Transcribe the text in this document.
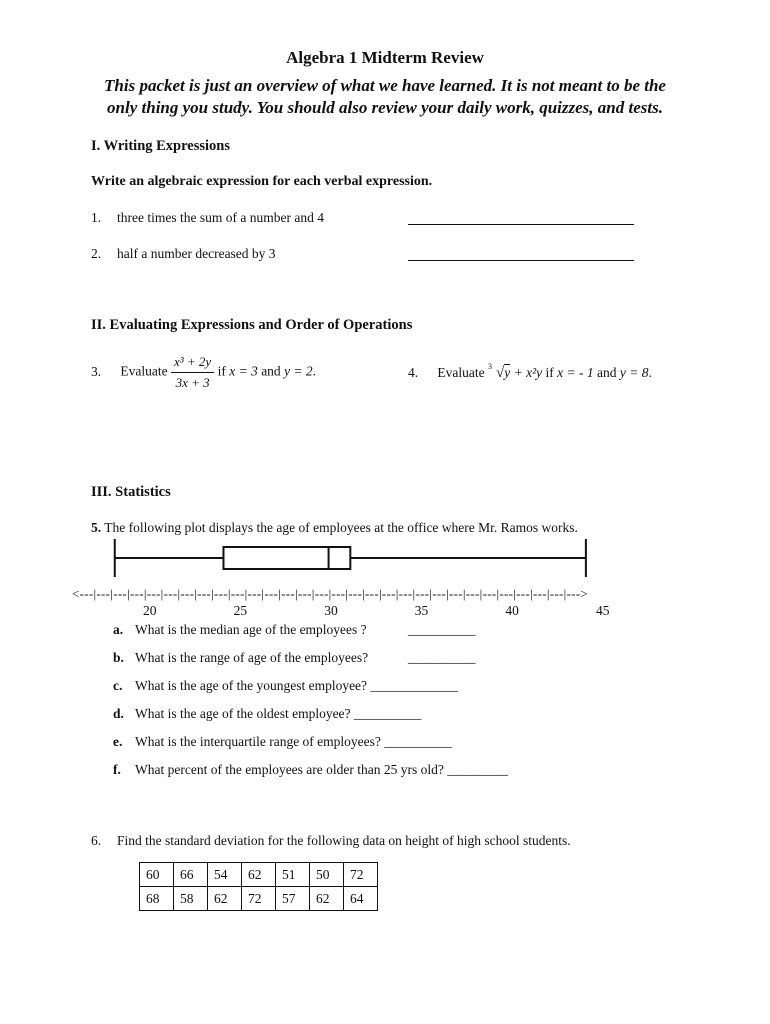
Algebra 1 Midterm Review
This packet is just an overview of what we have learned. It is not meant to be the
only thing you study. You should also review your daily work, quizzes, and tests.
I. Writing Expressions
Write an algebraic expression for each verbal expression.
1. three times the sum of a number and 4
2. half a number decreased by 3
II. Evaluating Expressions and Order of Operations
3. Evaluate $\frac{\text{x³ + 2y}}{3x + 3}$ if x = 3 and y = 2.	4. Evaluate 3 √y + x²y if x = - 1 and y = 8.
III. Statistics
5. The following plot displays the age of employees at the office where Mr. Ramos works.
<---|---|---|---|---|---|---|---|---|---|---|---|---|---|---|---|---|---|---|---|---|---|---|---|---|---|---|---|---|--->
20	25	30	35	40	45
a. What is the median age of the employees ?	__________
b. What is the range of age of the employees?	__________
c. What is the age of the youngest employee? _____________
d. What is the age of the oldest employee? __________
e. What is the interquartile range of employees? __________
f. What percent of the employees are older than 25 yrs old? _________
6. Find the standard deviation for the following data on height of high school students.
60	66	54	62	51	50	72
68	58	62	72	57	62	64
